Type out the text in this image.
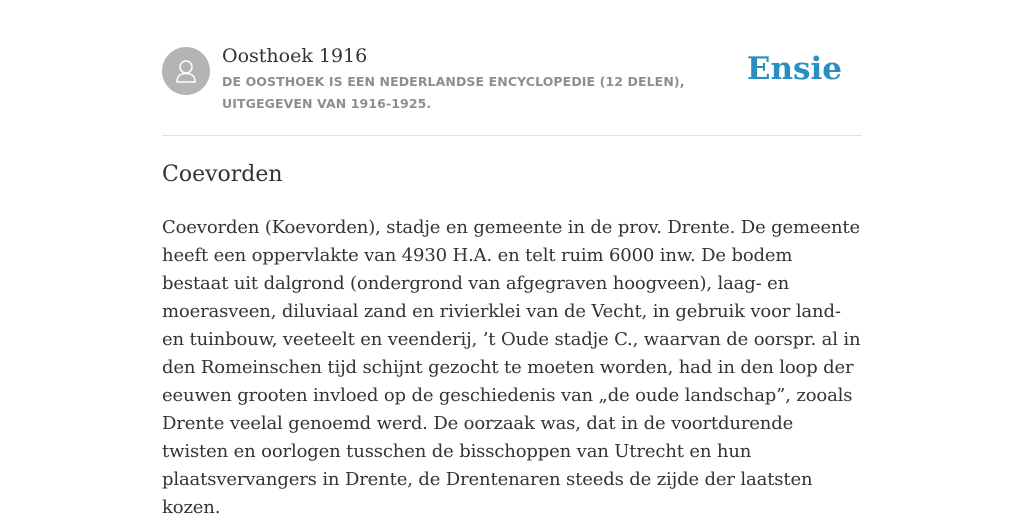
Oosthoek 1916

DE OOSTHOEK IS EEN NEDERLANDSE ENCYCLOPEDIE (12 DELEN), UITGEGEVEN VAN 1916-1925.

Ensie
Coevorden

Coevorden (Koevorden), stadje en gemeente in de prov. Drente. De gemeente heeft een oppervlakte van 4930 H.A. en telt ruim 6000 inw. De bodem bestaat uit dalgrond (ondergrond van afgegraven hoogveen), laag- en moerasveen, diluviaal zand en rivierklei van de Vecht, in gebruik voor land- en tuinbouw, veeteelt en veenderij, ’t Oude stadje C., waarvan de oorspr. al in den Romeinschen tijd schijnt gezocht te moeten worden, had in den loop der eeuwen grooten invloed op de geschiedenis van „de oude landschap”, zooals Drente veelal genoemd werd. De oorzaak was, dat in de voortdurende twisten en oorlogen tusschen de bisschoppen van Utrecht en hun plaatsvervangers in Drente, de Drentenaren steeds de zijde der laatsten kozen.
